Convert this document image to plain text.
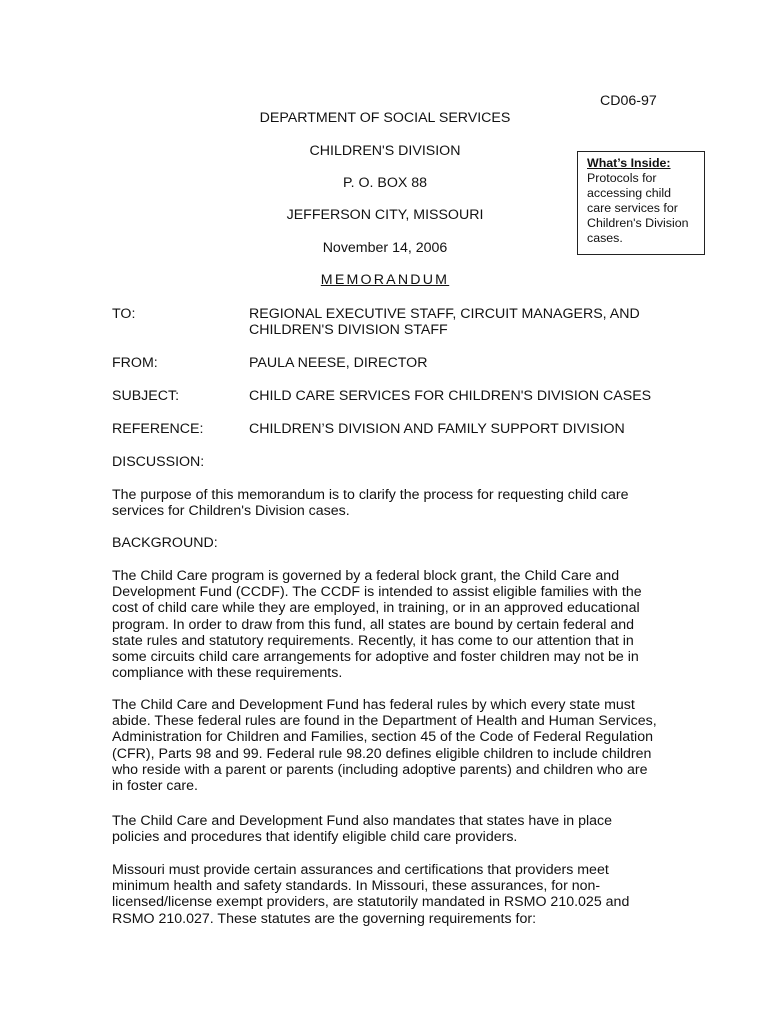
CD06-97
DEPARTMENT OF SOCIAL SERVICES
CHILDREN'S DIVISION
P. O. BOX 88
JEFFERSON CITY, MISSOURI
November 14, 2006
MEMORANDUM
What’s Inside:
Protocols for accessing child care services for Children's Division cases.
TO:	REGIONAL EXECUTIVE STAFF, CIRCUIT MANAGERS, AND CHILDREN'S DIVISION STAFF
FROM:	PAULA NEESE, DIRECTOR
SUBJECT:	CHILD CARE SERVICES FOR CHILDREN'S DIVISION CASES
REFERENCE:	CHILDREN’S DIVISION AND FAMILY SUPPORT DIVISION
DISCUSSION:
The purpose of this memorandum is to clarify the process for requesting child care services for Children's Division cases.
BACKGROUND:
The Child Care program is governed by a federal block grant, the Child Care and Development Fund (CCDF). The CCDF is intended to assist eligible families with the cost of child care while they are employed, in training, or in an approved educational program. In order to draw from this fund, all states are bound by certain federal and state rules and statutory requirements. Recently, it has come to our attention that in some circuits child care arrangements for adoptive and foster children may not be in compliance with these requirements.
The Child Care and Development Fund has federal rules by which every state must abide. These federal rules are found in the Department of Health and Human Services, Administration for Children and Families, section 45 of the Code of Federal Regulation (CFR), Parts 98 and 99. Federal rule 98.20 defines eligible children to include children who reside with a parent or parents (including adoptive parents) and children who are in foster care.
The Child Care and Development Fund also mandates that states have in place policies and procedures that identify eligible child care providers.
Missouri must provide certain assurances and certifications that providers meet minimum health and safety standards. In Missouri, these assurances, for non-licensed/license exempt providers, are statutorily mandated in RSMO 210.025 and RSMO 210.027. These statutes are the governing requirements for:
